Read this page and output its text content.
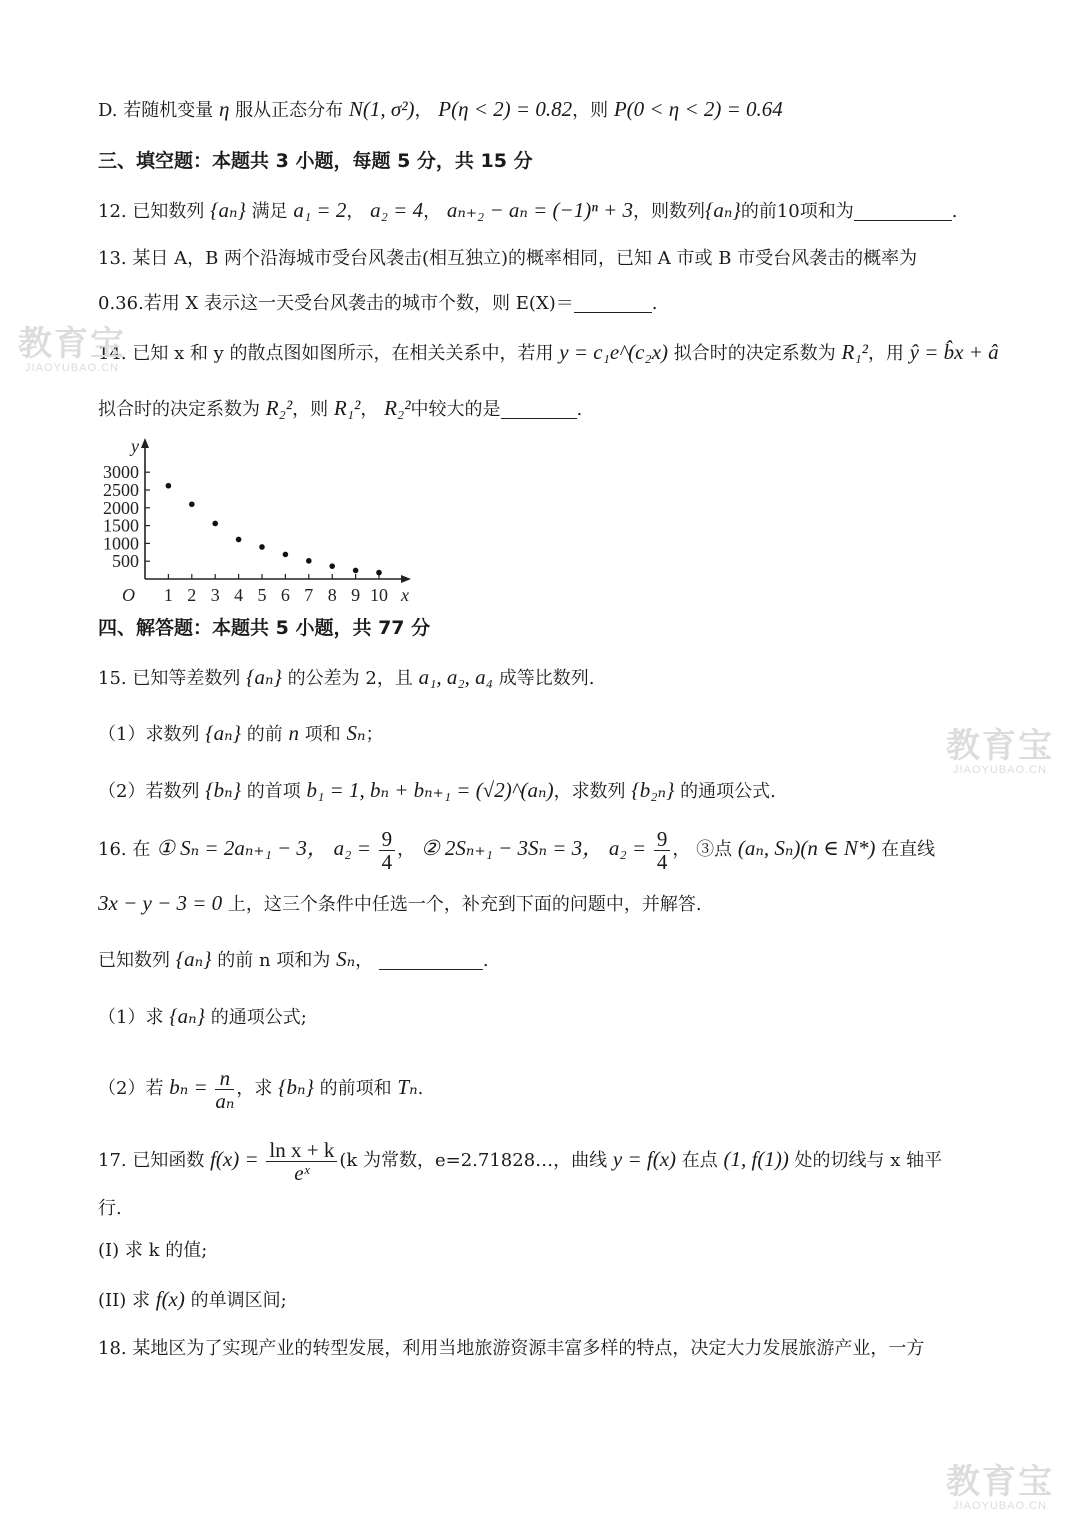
D. 若随机变量 η 服从正态分布 N(1, σ²)， P(η < 2) = 0.82，则 P(0 < η < 2) = 0.64
三、填空题：本题共 3 小题，每题 5 分，共 15 分
12. 已知数列 {aₙ} 满足 a₁ = 2， a₂ = 4， aₙ₊₂ − aₙ = (−1)ⁿ + 3，则数列{aₙ}的前10项和为	.
13. 某日 A，B 两个沿海城市受台风袭击(相互独立)的概率相同，已知 A 市或 B 市受台风袭击的概率为
0.36.若用 X 表示这一天受台风袭击的城市个数，则 E(X)＝	.
14. 已知 x 和 y 的散点图如图所示，在相关关系中，若用 y = c₁e^(c₂x) 拟合时的决定系数为 R₁²，用 ŷ = b̂x + â
拟合时的决定系数为 R₂²，则 R₁²， R₂²中较大的是	.
y
x
O 1 2 3 4 5 6 7 8 9 10
500
1000
1500
2000
2500
3000
四、解答题：本题共 5 小题，共 77 分
15. 已知等差数列 {aₙ} 的公差为 2，且 a₁, a₂, a₄ 成等比数列.
（1）求数列 {aₙ} 的前 n 项和 Sₙ；
（2）若数列 {bₙ} 的首项 b₁ = 1, bₙ + bₙ₊₁ = (√2)^(aₙ)，求数列 {b₂ₙ} 的通项公式.
16. 在 ① Sₙ = 2aₙ₊₁ − 3， $a_2 = \frac{9}{4}$ ， ② 2Sₙ₊₁ − 3Sₙ = 3， $a_2 = \frac{9}{4}$ ， ③点 (aₙ, Sₙ)(n ∈ N*) 在直线
3x − y − 3 = 0 上，这三个条件中任选一个，补充到下面的问题中，并解答.
已知数列 {aₙ} 的前 n 项和为 Sₙ，	.
（1）求 {aₙ} 的通项公式;
（2）若 $b_n = \frac{n}{\text{aₙ}}$ ，求 {bₙ} 的前项和 Tₙ.
17. 已知函数 $f(x) = \frac{\text{ln x + k}}{\text{eˣ}} (k$ 为常数，e=2.71828…，曲线 y = f(x) 在点 (1, f(1)) 处的切线与 x 轴平
行.
(I) 求 k 的值;
(II) 求 f(x) 的单调区间;
18. 某地区为了实现产业的转型发展，利用当地旅游资源丰富多样的特点，决定大力发展旅游产业，一方
教育宝
JIAOYUBAO.CN
教育宝
JIAOYUBAO.CN
教育宝
JIAOYUBAO.CN
